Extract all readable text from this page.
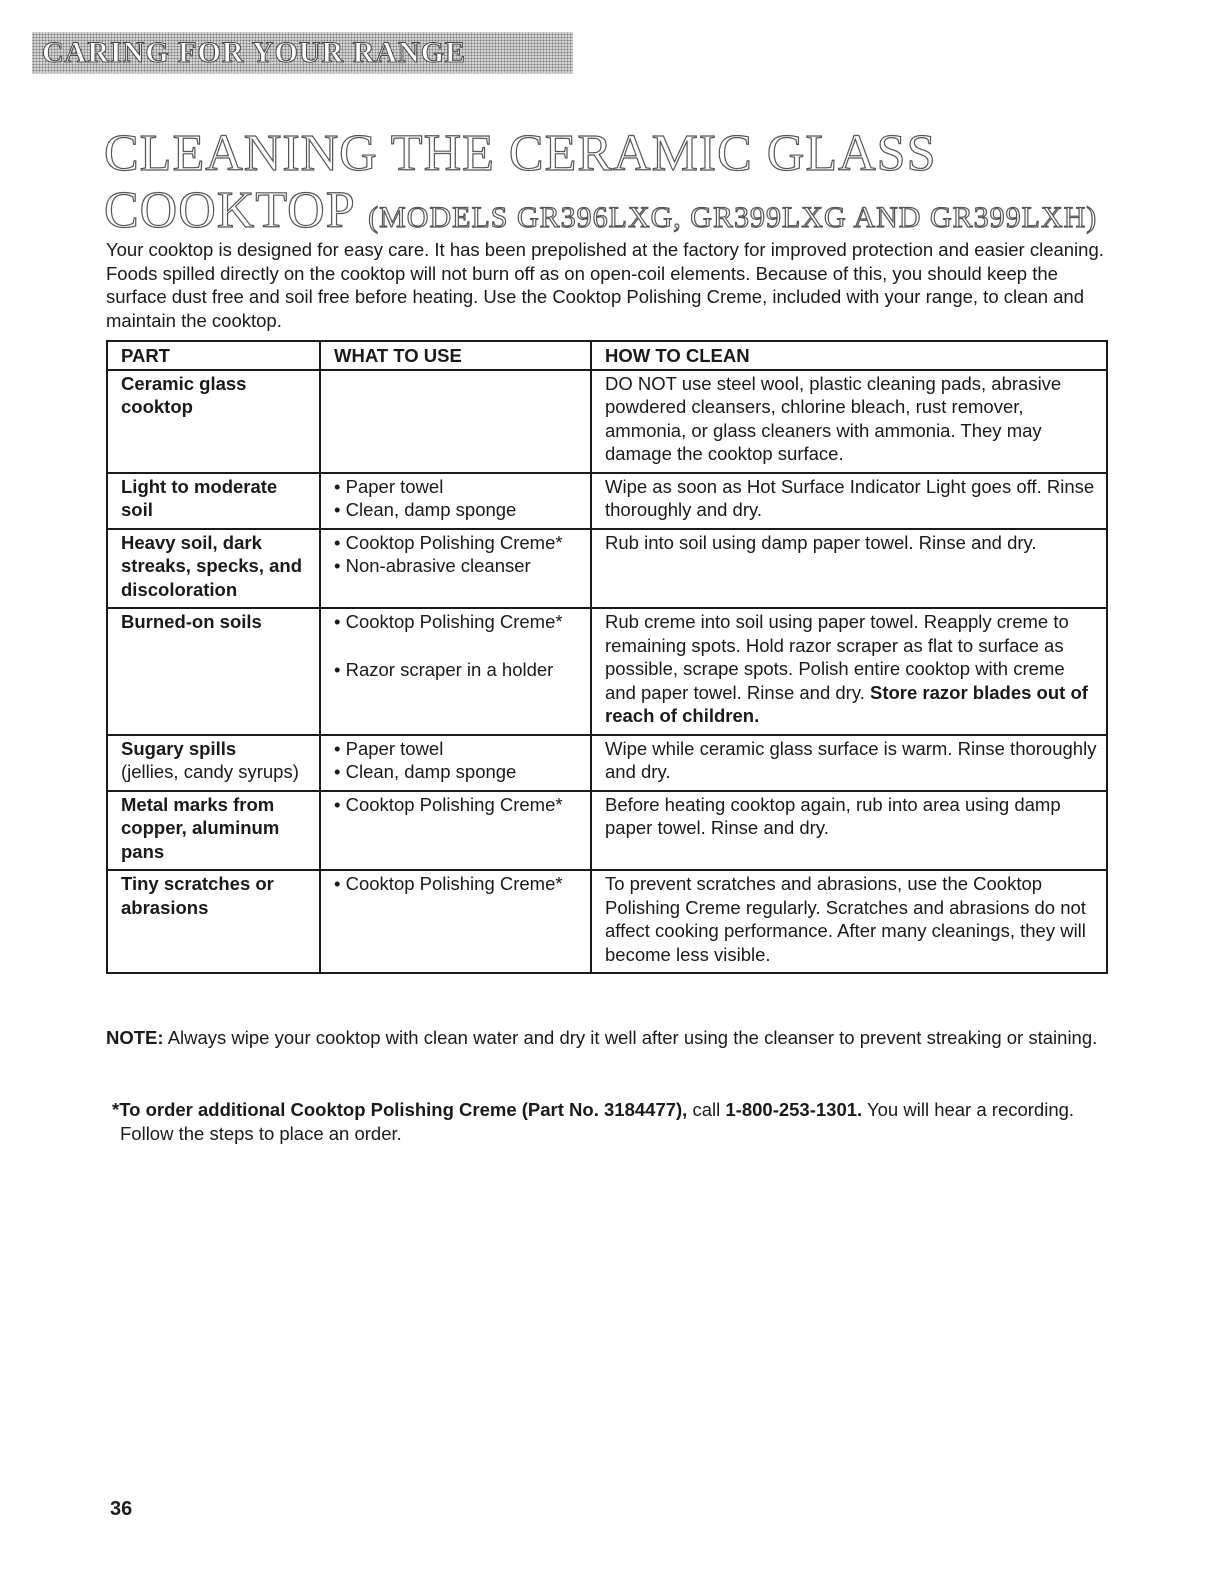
CARING FOR YOUR RANGE
CLEANING THE CERAMIC GLASS COOKTOP (MODELS GR396LXG, GR399LXG AND GR399LXH)

Your cooktop is designed for easy care. It has been prepolished at the factory for improved protection and easier cleaning. Foods spilled directly on the cooktop will not burn off as on open-coil elements. Because of this, you should keep the surface dust free and soil free before heating. Use the Cooktop Polishing Creme, included with your range, to clean and maintain the cooktop.

PART	WHAT TO USE	HOW TO CLEAN

Ceramic glass cooktop		DO NOT use steel wool, plastic cleaning pads, abrasive powdered cleansers, chlorine bleach, rust remover, ammonia, or glass cleaners with ammonia. They may damage the cooktop surface.

Light to moderate soil	• Paper towel
• Clean, damp sponge	Wipe as soon as Hot Surface Indicator Light goes off. Rinse thoroughly and dry.

Heavy soil, dark streaks, specks, and discoloration	• Cooktop Polishing Creme*
• Non-abrasive cleanser	Rub into soil using damp paper towel. Rinse and dry.

Burned-on soils	• Cooktop Polishing Creme*
• Razor scraper in a holder	Rub creme into soil using paper towel. Reapply creme to remaining spots. Hold razor scraper as flat to surface as possible, scrape spots. Polish entire cooktop with creme and paper towel. Rinse and dry. Store razor blades out of reach of children.

Sugary spills
(jellies, candy syrups)	• Paper towel
• Clean, damp sponge	Wipe while ceramic glass surface is warm. Rinse thoroughly and dry.

Metal marks from copper, aluminum pans	• Cooktop Polishing Creme*	Before heating cooktop again, rub into area using damp paper towel. Rinse and dry.

Tiny scratches or abrasions	• Cooktop Polishing Creme*	To prevent scratches and abrasions, use the Cooktop Polishing Creme regularly. Scratches and abrasions do not affect cooking performance. After many cleanings, they will become less visible.

NOTE: Always wipe your cooktop with clean water and dry it well after using the cleanser to prevent streaking or staining.

*To order additional Cooktop Polishing Creme (Part No. 3184477), call 1-800-253-1301. You will hear a recording. Follow the steps to place an order.

36
